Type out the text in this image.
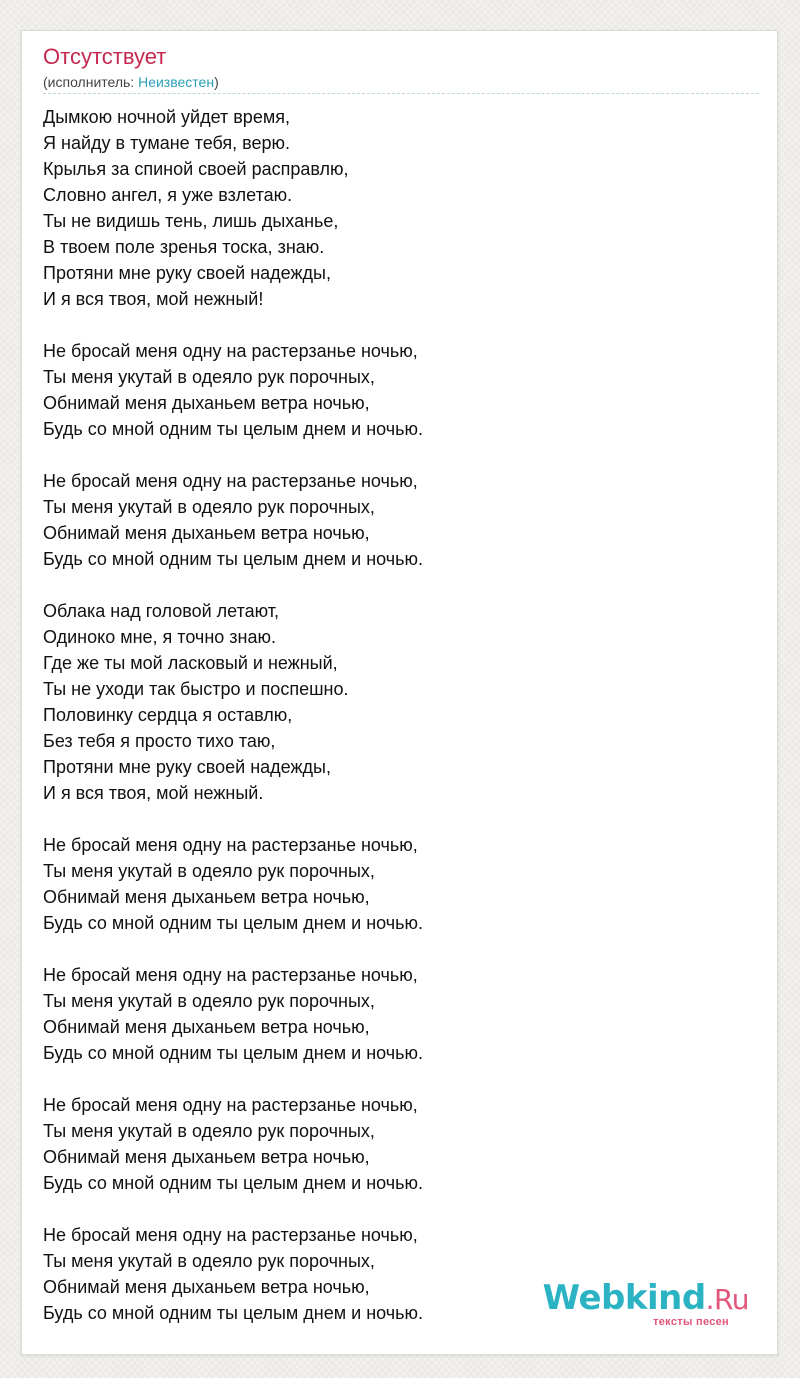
Отсутствует
(исполнитель: Неизвестен)
Дымкою ночной уйдет время,
Я найду в тумане тебя, верю.
Крылья за спиной своей расправлю,
Словно ангел, я уже взлетаю.
Ты не видишь тень, лишь дыханье,
В твоем поле зренья тоска, знаю.
Протяни мне руку своей надежды,
И я вся твоя, мой нежный!
Не бросай меня одну на растерзанье ночью,
Ты меня укутай в одеяло рук порочных,
Обнимай меня дыханьем ветра ночью,
Будь со мной одним ты целым днем и ночью.
Не бросай меня одну на растерзанье ночью,
Ты меня укутай в одеяло рук порочных,
Обнимай меня дыханьем ветра ночью,
Будь со мной одним ты целым днем и ночью.
Облака над головой летают,
Одиноко мне, я точно знаю.
Где же ты мой ласковый и нежный,
Ты не уходи так быстро и поспешно.
Половинку сердца я оставлю,
Без тебя я просто тихо таю,
Протяни мне руку своей надежды,
И я вся твоя, мой нежный.
Не бросай меня одну на растерзанье ночью,
Ты меня укутай в одеяло рук порочных,
Обнимай меня дыханьем ветра ночью,
Будь со мной одним ты целым днем и ночью.
Не бросай меня одну на растерзанье ночью,
Ты меня укутай в одеяло рук порочных,
Обнимай меня дыханьем ветра ночью,
Будь со мной одним ты целым днем и ночью.
Не бросай меня одну на растерзанье ночью,
Ты меня укутай в одеяло рук порочных,
Обнимай меня дыханьем ветра ночью,
Будь со мной одним ты целым днем и ночью.
Не бросай меня одну на растерзанье ночью,
Ты меня укутай в одеяло рук порочных,
Обнимай меня дыханьем ветра ночью,
Будь со мной одним ты целым днем и ночью.	Webkind.Ru
тексты песен
